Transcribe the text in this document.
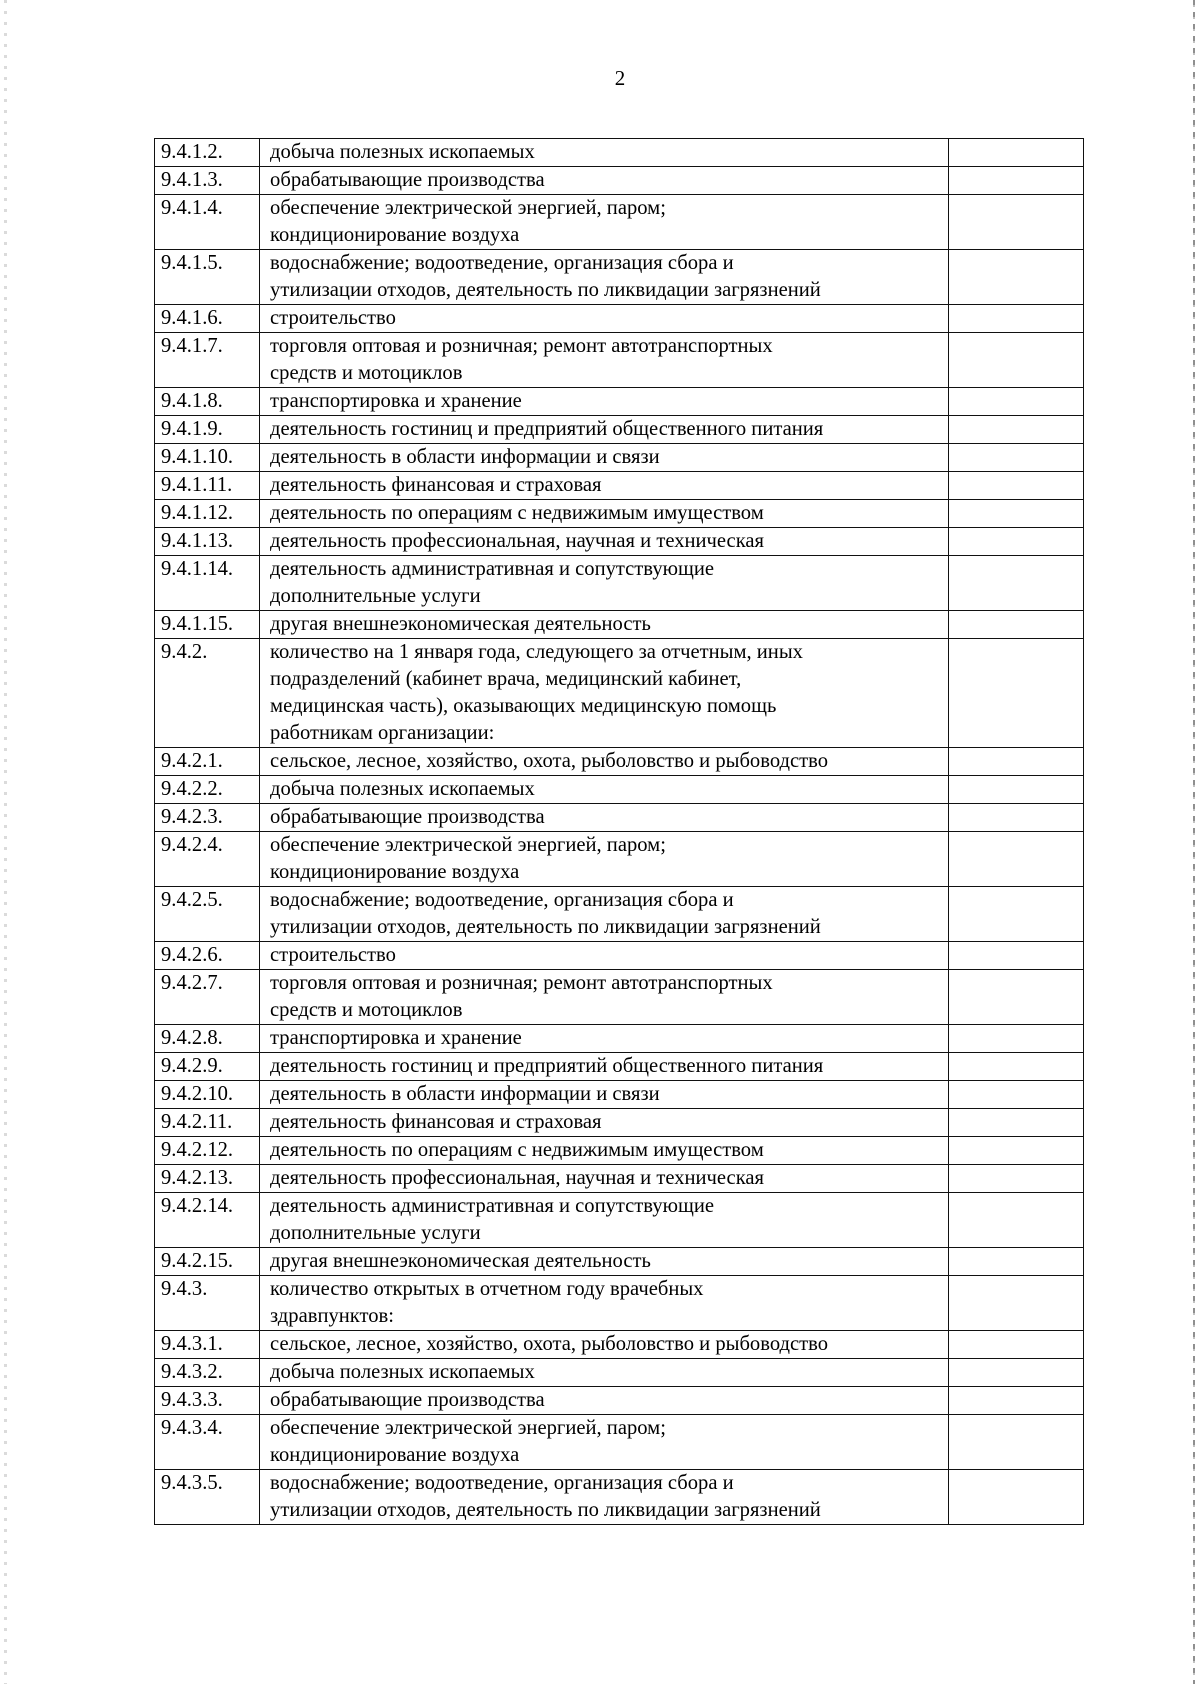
2
9.4.1.2.	добыча полезных ископаемых	
9.4.1.3.	обрабатывающие производства	
9.4.1.4.	обеспечение электрической энергией, паром;
кондиционирование воздуха	
9.4.1.5.	водоснабжение; водоотведение, организация сбора и
утилизации отходов, деятельность по ликвидации загрязнений	
9.4.1.6.	строительство	
9.4.1.7.	торговля оптовая и розничная; ремонт автотранспортных
средств и мотоциклов	
9.4.1.8.	транспортировка и хранение	
9.4.1.9.	деятельность гостиниц и предприятий общественного питания	
9.4.1.10.	деятельность в области информации и связи	
9.4.1.11.	деятельность финансовая и страховая	
9.4.1.12.	деятельность по операциям с недвижимым имуществом	
9.4.1.13.	деятельность профессиональная, научная и техническая	
9.4.1.14.	деятельность административная и сопутствующие
дополнительные услуги	
9.4.1.15.	другая внешнеэкономическая деятельность	
9.4.2.	количество на 1 января года, следующего за отчетным, иных
подразделений (кабинет врача, медицинский кабинет,
медицинская часть), оказывающих медицинскую помощь
работникам организации:	
9.4.2.1.	сельское, лесное, хозяйство, охота, рыболовство и рыбоводство	
9.4.2.2.	добыча полезных ископаемых	
9.4.2.3.	обрабатывающие производства	
9.4.2.4.	обеспечение электрической энергией, паром;
кондиционирование воздуха	
9.4.2.5.	водоснабжение; водоотведение, организация сбора и
утилизации отходов, деятельность по ликвидации загрязнений	
9.4.2.6.	строительство	
9.4.2.7.	торговля оптовая и розничная; ремонт автотранспортных
средств и мотоциклов	
9.4.2.8.	транспортировка и хранение	
9.4.2.9.	деятельность гостиниц и предприятий общественного питания	
9.4.2.10.	деятельность в области информации и связи	
9.4.2.11.	деятельность финансовая и страховая	
9.4.2.12.	деятельность по операциям с недвижимым имуществом	
9.4.2.13.	деятельность профессиональная, научная и техническая	
9.4.2.14.	деятельность административная и сопутствующие
дополнительные услуги	
9.4.2.15.	другая внешнеэкономическая деятельность	
9.4.3.	количество открытых в отчетном году врачебных
здравпунктов:	
9.4.3.1.	сельское, лесное, хозяйство, охота, рыболовство и рыбоводство	
9.4.3.2.	добыча полезных ископаемых	
9.4.3.3.	обрабатывающие производства	
9.4.3.4.	обеспечение электрической энергией, паром;
кондиционирование воздуха	
9.4.3.5.	водоснабжение; водоотведение, организация сбора и
утилизации отходов, деятельность по ликвидации загрязнений	
